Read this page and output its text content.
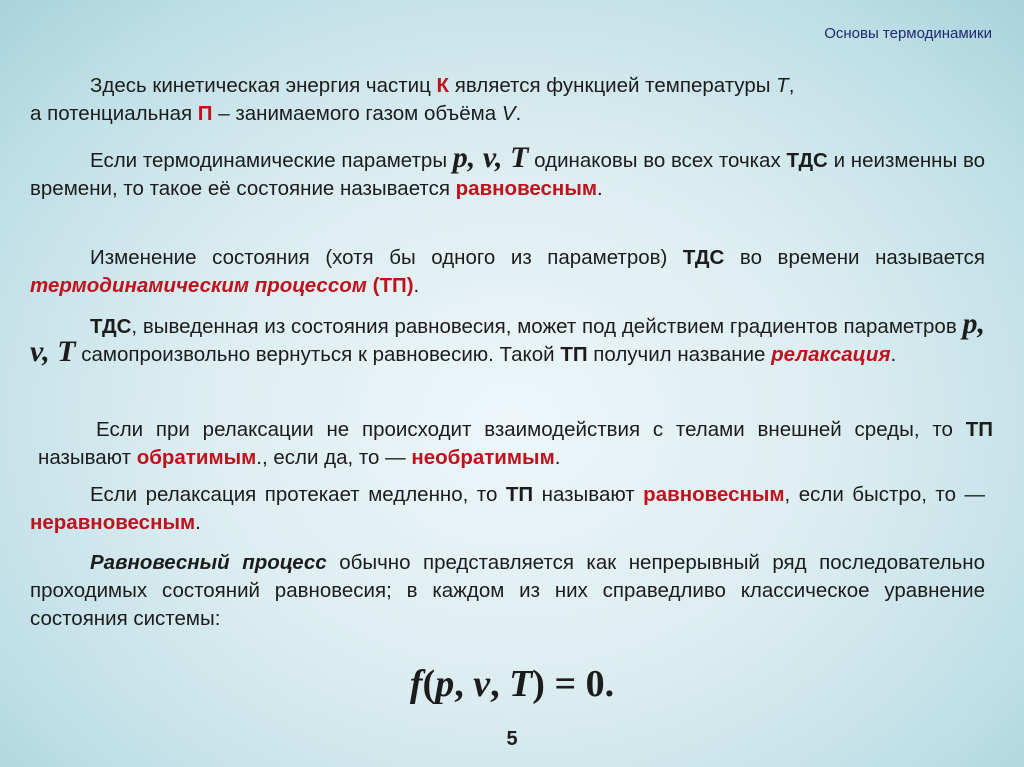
Основы термодинамики
Здесь кинетическая энергия частиц К является функцией температуры T,
а потенциальная П – занимаемого газом объёма V.
Если термодинамические параметры p, v, T одинаковы во всех точках ТДС и неизменны во времени, то такое её состояние называется равновесным.
Изменение состояния (хотя бы одного из параметров) ТДС во времени называется термодинамическим процессом (ТП).
ТДС, выведенная из состояния равновесия, может под действием градиентов параметров p, v, T самопроизвольно вернуться к равновесию. Такой ТП получил название релаксация.
Если при релаксации не происходит взаимодействия с телами внешней среды, то ТП называют обратимым., если да, то — необратимым.
Если релаксация протекает медленно, то ТП называют равновесным, если быстро, то — неравновесным.
Равновесный процесс обычно представляется как непрерывный ряд последовательно проходимых состояний равновесия; в каждом из них справедливо классическое уравнение состояния системы:
f(p, v, T) = 0.
5
